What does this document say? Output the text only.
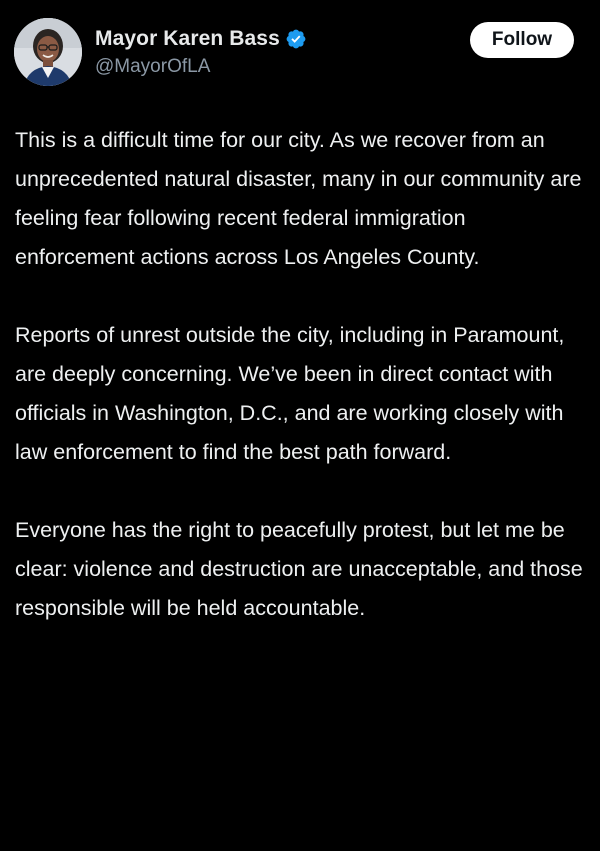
Mayor Karen Bass
@MayorOfLA
Follow

This is a difficult time for our city. As we recover from an unprecedented natural disaster, many in our community are feeling fear following recent federal immigration enforcement actions across Los Angeles County.

Reports of unrest outside the city, including in Paramount, are deeply concerning. We’ve been in direct contact with officials in Washington, D.C., and are working closely with law enforcement to find the best path forward.

Everyone has the right to peacefully protest, but let me be clear: violence and destruction are unacceptable, and those responsible will be held accountable.
